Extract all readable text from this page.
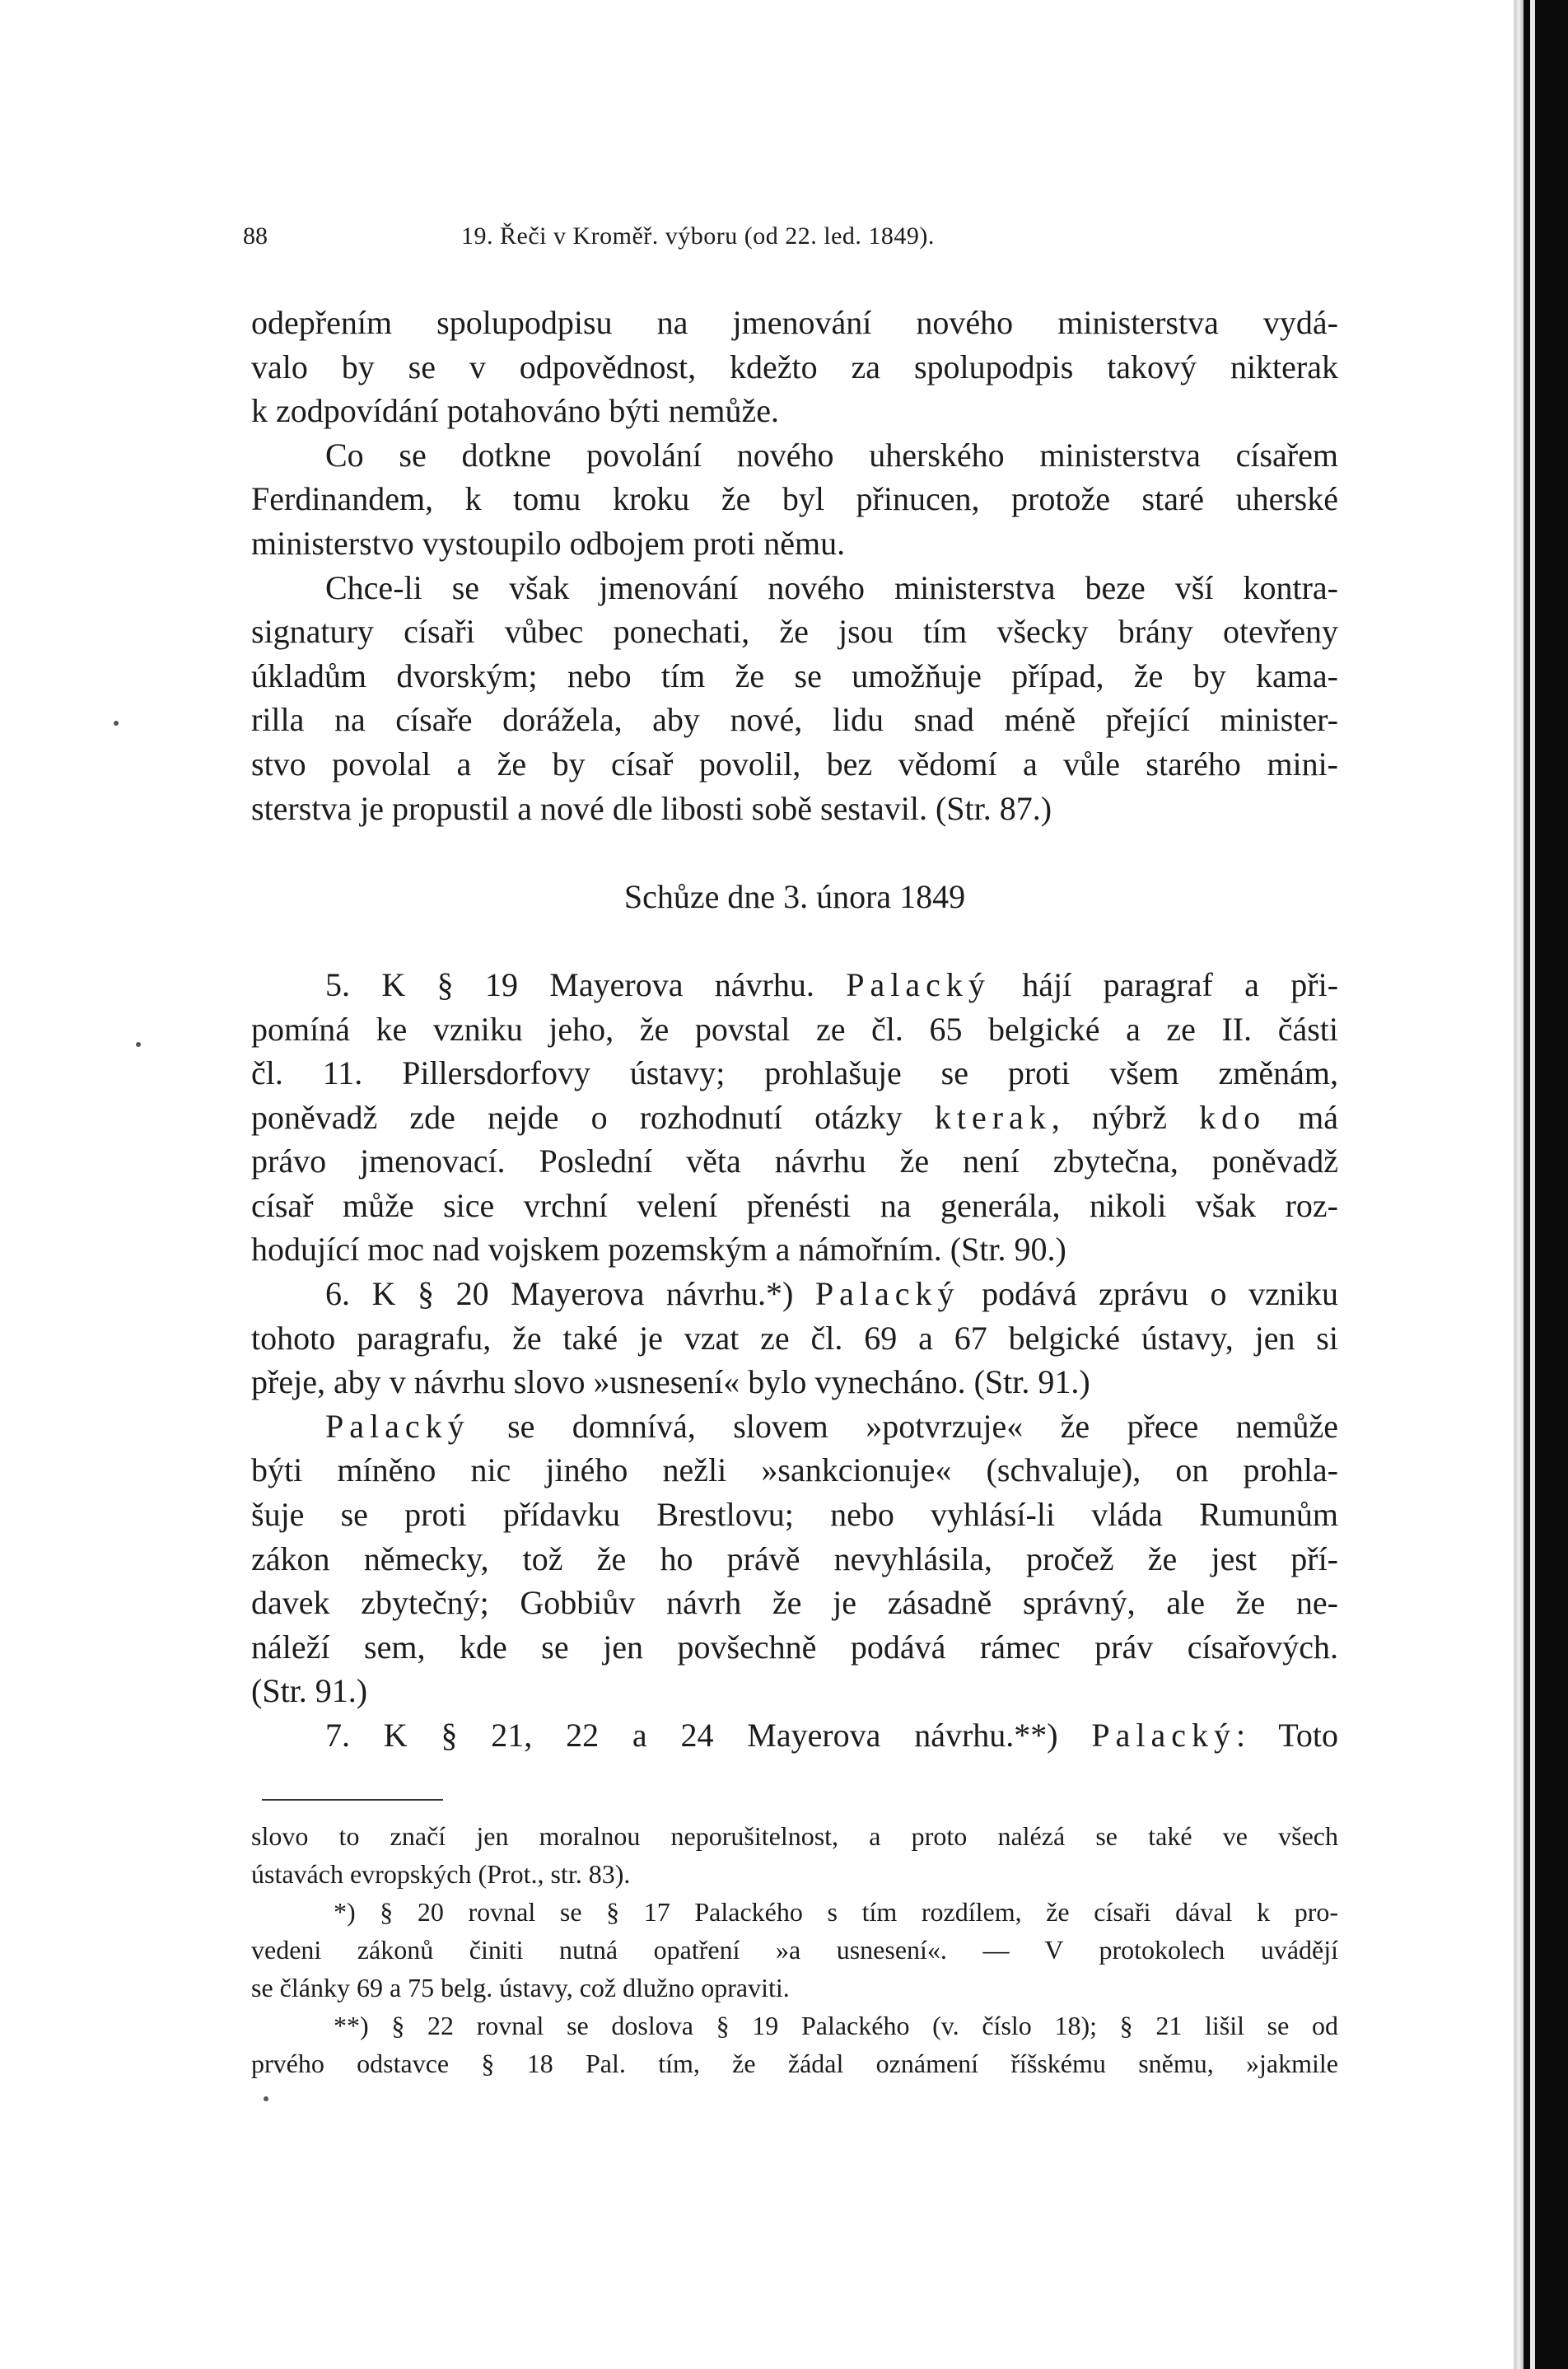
88	19. Řeči v Kroměř. výboru (od 22. led. 1849).
odepřením spolupodpisu na jmenování nového ministerstva vydá-
valo by se v odpovědnost, kdežto za spolupodpis takový nikterak
k zodpovídání potahováno býti nemůže.
Co se dotkne povolání nového uherského ministerstva císařem
Ferdinandem, k tomu kroku že byl přinucen, protože staré uherské
ministerstvo vystoupilo odbojem proti němu.
Chce-li se však jmenování nového ministerstva beze vší kontra-
signatury císaři vůbec ponechati, že jsou tím všecky brány otevřeny
úkladům dvorským; nebo tím že se umožňuje případ, že by kama-
rilla na císaře dorážela, aby nové, lidu snad méně přející minister-
stvo povolal a že by císař povolil, bez vědomí a vůle starého mini-
sterstva je propustil a nové dle libosti sobě sestavil. (Str. 87.)
Schůze dne 3. února 1849
5. K § 19 Mayerova návrhu. Palacký hájí paragraf a při-
pomíná ke vzniku jeho, že povstal ze čl. 65 belgické a ze II. části
čl. 11. Pillersdorfovy ústavy; prohlašuje se proti všem změnám,
poněvadž zde nejde o rozhodnutí otázky kterak, nýbrž kdo má
právo jmenovací. Poslední věta návrhu že není zbytečna, poněvadž
císař může sice vrchní velení přenésti na generála, nikoli však roz-
hodující moc nad vojskem pozemským a námořním. (Str. 90.)
6. K § 20 Mayerova návrhu.*) Palacký podává zprávu o vzniku
tohoto paragrafu, že také je vzat ze čl. 69 a 67 belgické ústavy, jen si
přeje, aby v návrhu slovo »usnesení« bylo vynecháno. (Str. 91.)
Palacký se domnívá, slovem »potvrzuje« že přece nemůže
býti míněno nic jiného nežli »sankcionuje« (schvaluje), on prohla-
šuje se proti přídavku Brestlovu; nebo vyhlásí-li vláda Rumunům
zákon německy, tož že ho právě nevyhlásila, pročež že jest pří-
davek zbytečný; Gobbiův návrh že je zásadně správný, ale že ne-
náleží sem, kde se jen povšechně podává rámec práv císařových.
(Str. 91.)
7. K § 21, 22 a 24 Mayerova návrhu.**) Palacký: Toto
slovo to značí jen moralnou neporušitelnost, a proto nalézá se také ve všech
ústavách evropských (Prot., str. 83).
*) § 20 rovnal se § 17 Palackého s tím rozdílem, že císaři dával k pro-
vedeni zákonů činiti nutná opatření »a usnesení«. — V protokolech uvádějí
se články 69 a 75 belg. ústavy, což dlužno opraviti.
**) § 22 rovnal se doslova § 19 Palackého (v. číslo 18); § 21 lišil se od
prvého odstavce § 18 Pal. tím, že žádal oznámení říšskému sněmu, »jakmile
